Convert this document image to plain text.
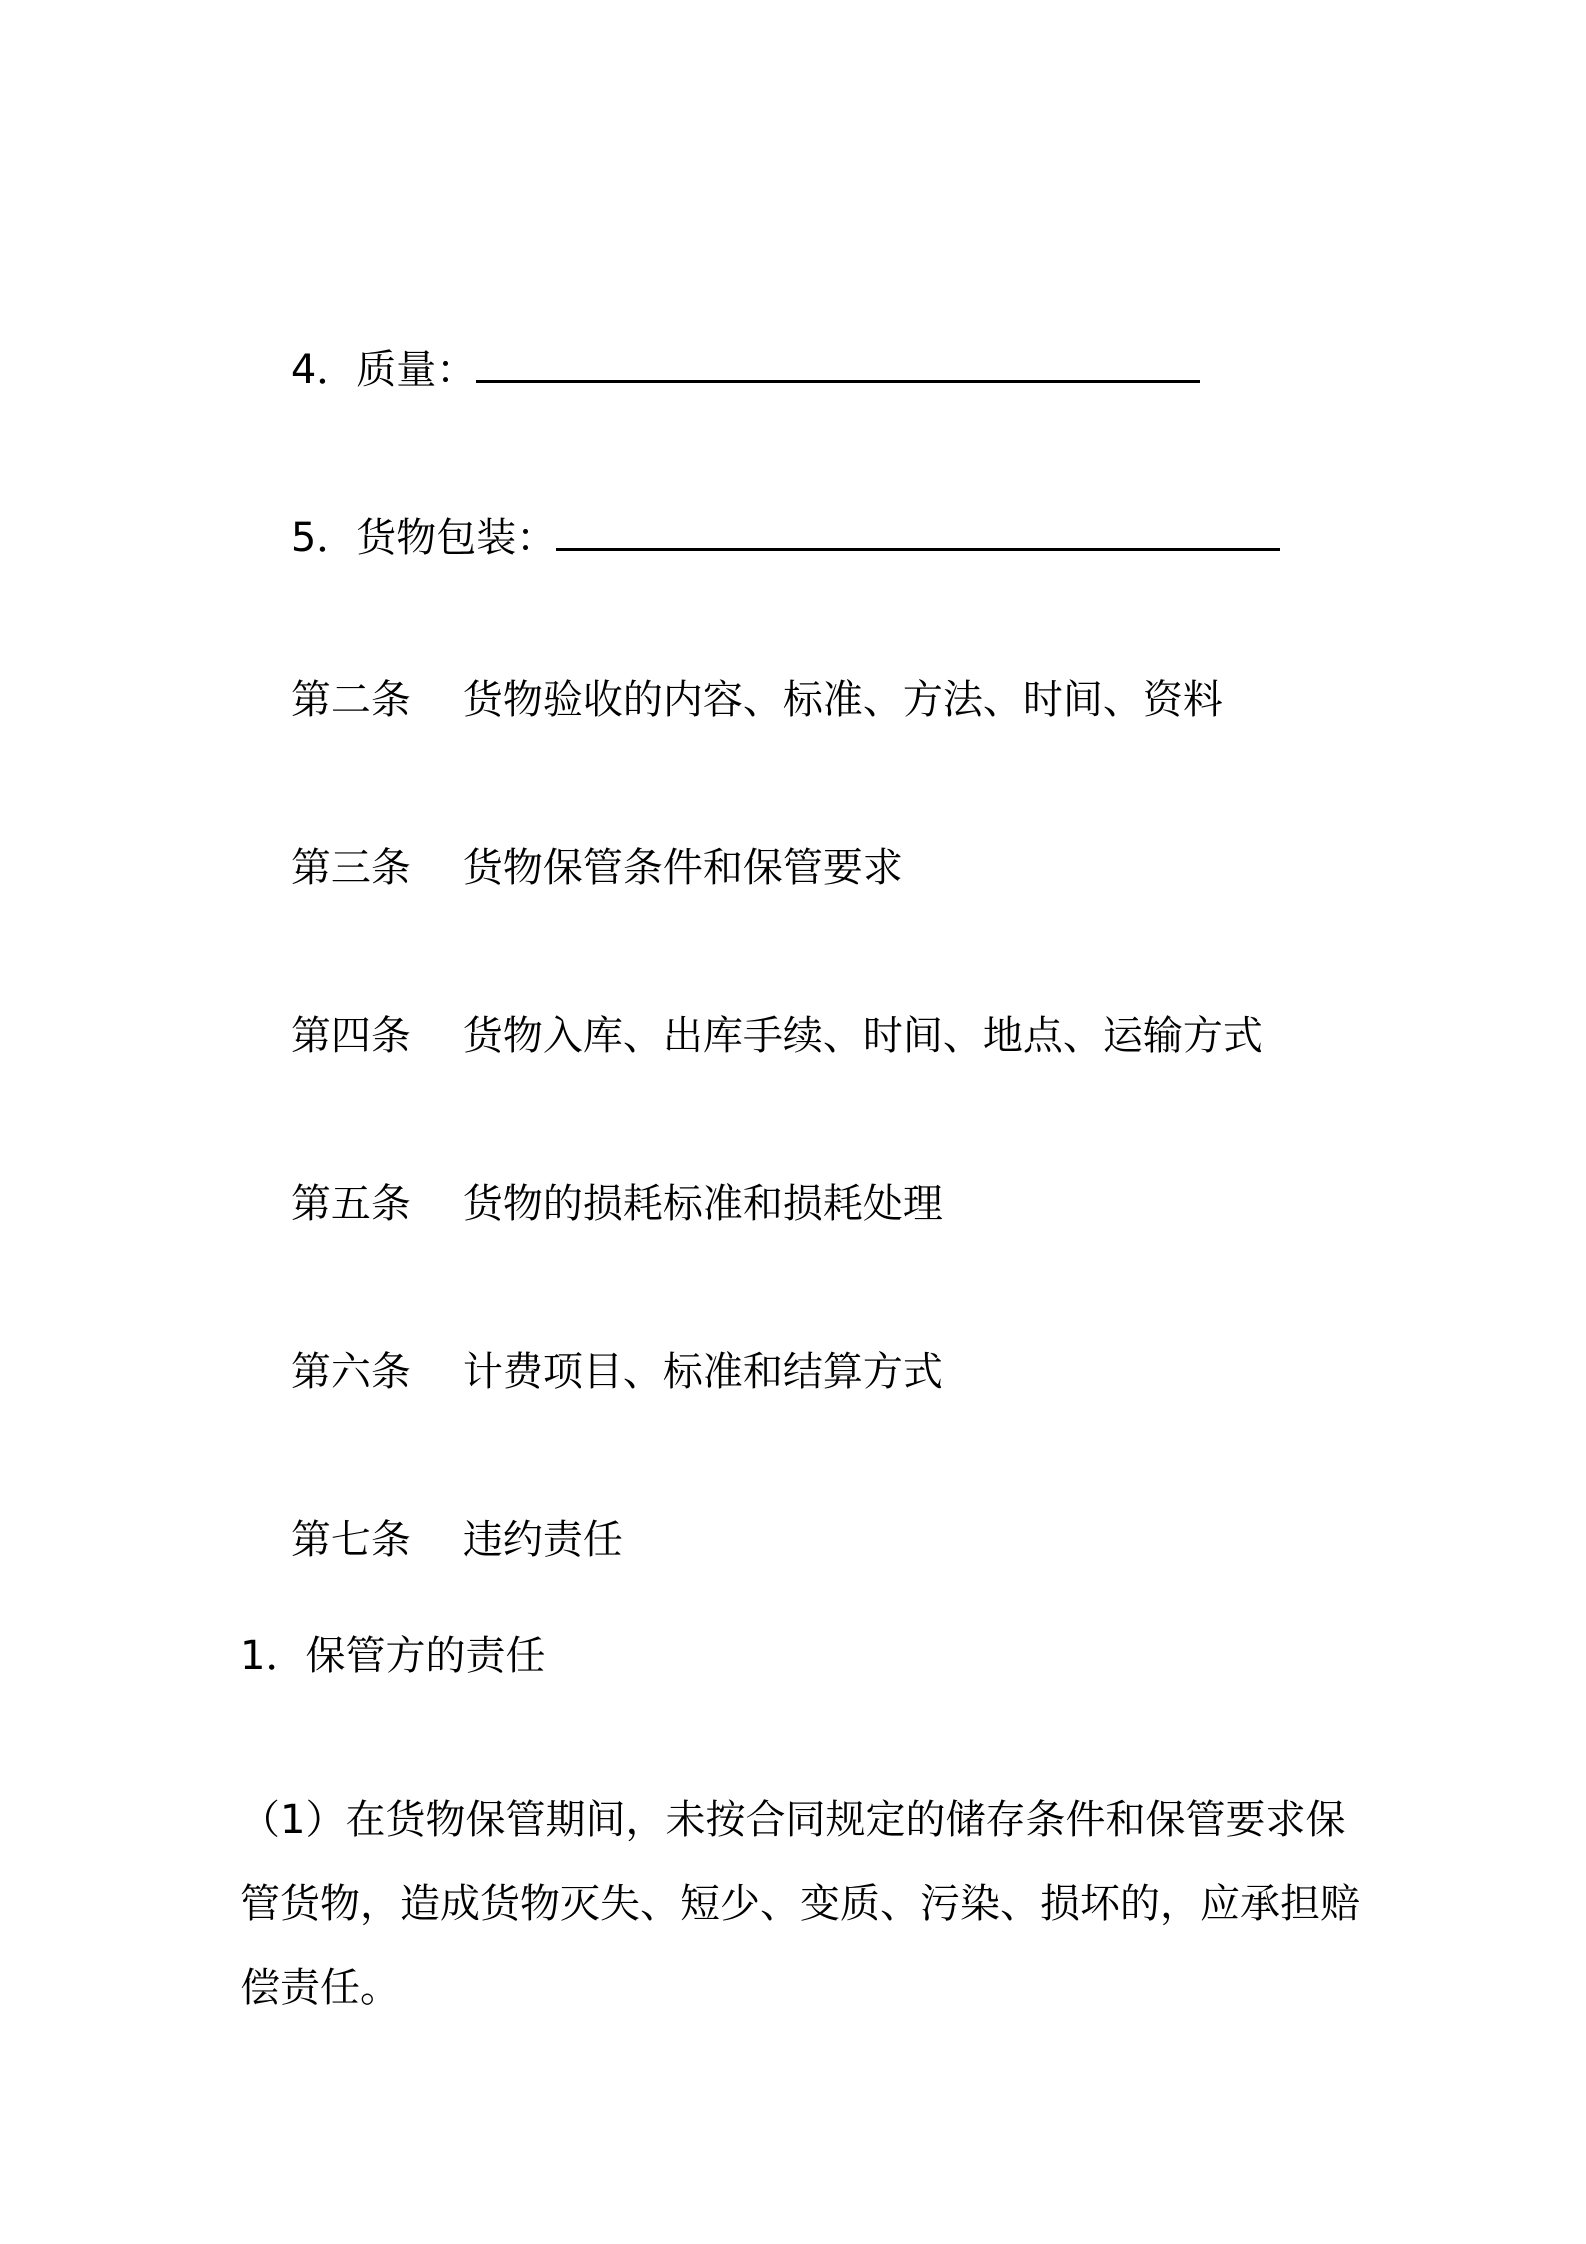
4．质量：

5．货物包装：

第二条 货物验收的内容、标准、方法、时间、资料

第三条 货物保管条件和保管要求

第四条 货物入库、出库手续、时间、地点、运输方式

第五条 货物的损耗标准和损耗处理

第六条 计费项目、标准和结算方式

第七条 违约责任

1．保管方的责任
（1）在货物保管期间，未按合同规定的储存条件和保管要求保管货物，造成货物灭失、短少、变质、污染、损坏的，应承担赔偿责任。
